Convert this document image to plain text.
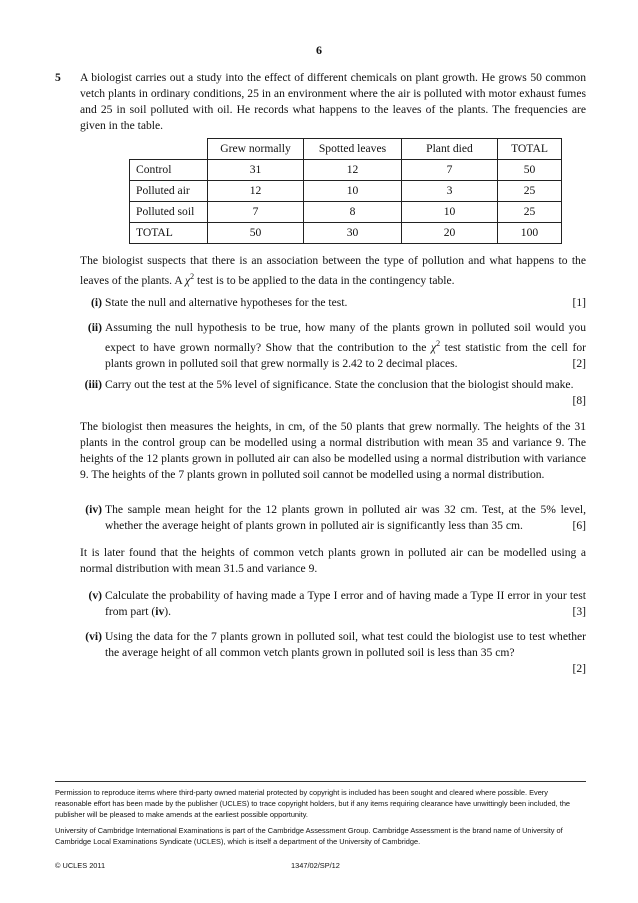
6
5 A biologist carries out a study into the effect of different chemicals on plant growth. He grows 50 common vetch plants in ordinary conditions, 25 in an environment where the air is polluted with motor exhaust fumes and 25 in soil polluted with oil. He records what happens to the leaves of the plants. The frequencies are given in the table.
	Grew normally	Spotted leaves	Plant died	TOTAL
Control	31	12	7	50
Polluted air	12	10	3	25
Polluted soil	7	8	10	25
TOTAL	50	30	20	100
The biologist suspects that there is an association between the type of pollution and what happens to the leaves of the plants. A $\chi^2$ test is to be applied to the data in the contingency table.
(i) State the null and alternative hypotheses for the test.	[1]
(ii) Assuming the null hypothesis to be true, how many of the plants grown in polluted soil would you expect to have grown normally? Show that the contribution to the $\chi^2$ test statistic from the cell for plants grown in polluted soil that grew normally is 2.42 to 2 decimal places.	[2]
(iii) Carry out the test at the 5% level of significance. State the conclusion that the biologist should make.
[8]
The biologist then measures the heights, in cm, of the 50 plants that grew normally. The heights of the 31 plants in the control group can be modelled using a normal distribution with mean 35 and variance 9. The heights of the 12 plants grown in polluted air can also be modelled using a normal distribution with variance 9. The heights of the 7 plants grown in polluted soil cannot be modelled using a normal distribution.
(iv) The sample mean height for the 12 plants grown in polluted air was 32 cm. Test, at the 5% level, whether the average height of plants grown in polluted air is significantly less than 35 cm.	[6]
It is later found that the heights of common vetch plants grown in polluted air can be modelled using a normal distribution with mean 31.5 and variance 9.
(v) Calculate the probability of having made a Type I error and of having made a Type II error in your test from part (iv).	[3]
(vi) Using the data for the 7 plants grown in polluted soil, what test could the biologist use to test whether the average height of all common vetch plants grown in polluted soil is less than 35 cm?
[2]
Permission to reproduce items where third-party owned material protected by copyright is included has been sought and cleared where possible. Every reasonable effort has been made by the publisher (UCLES) to trace copyright holders, but if any items requiring clearance have unwittingly been included, the publisher will be pleased to make amends at the earliest possible opportunity.
University of Cambridge International Examinations is part of the Cambridge Assessment Group. Cambridge Assessment is the brand name of University of Cambridge Local Examinations Syndicate (UCLES), which is itself a department of the University of Cambridge.
© UCLES 2011	1347/02/SP/12
